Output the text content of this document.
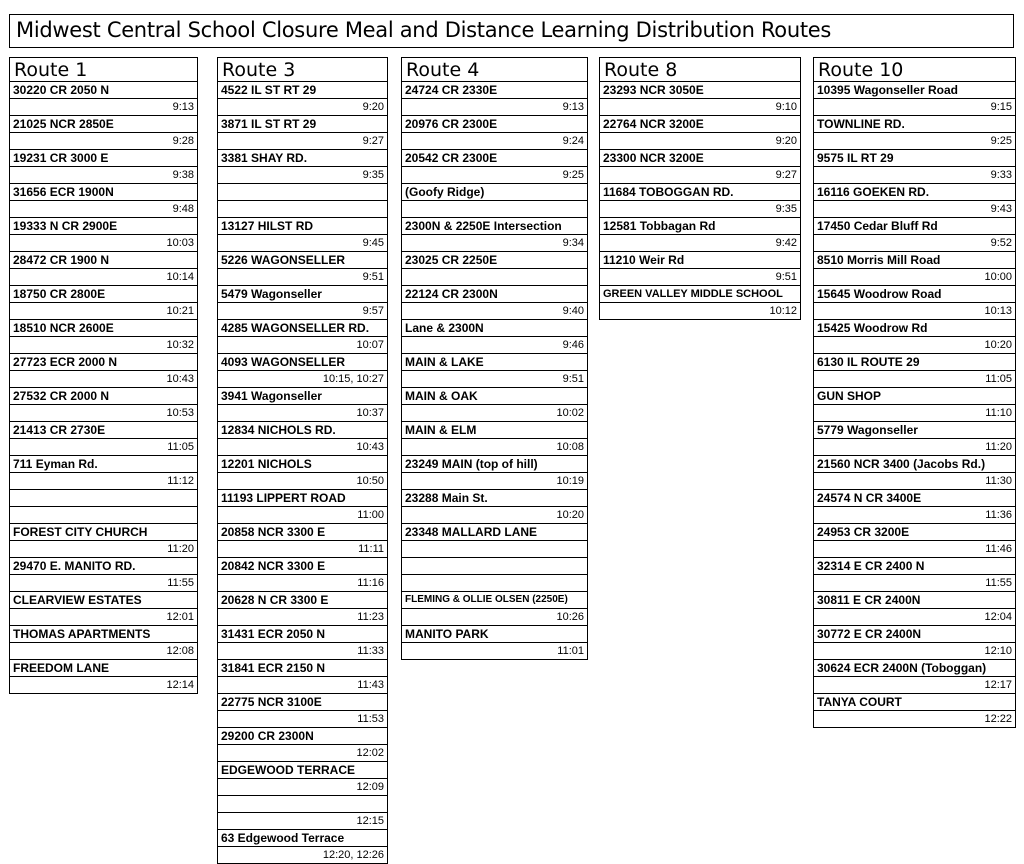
Midwest Central School Closure Meal and Distance Learning Distribution Routes
Route 1
30220 CR 2050 N
9:13
21025 NCR 2850E
9:28
19231 CR 3000 E
9:38
31656 ECR 1900N
9:48
19333 N CR 2900E
10:03
28472 CR 1900 N
10:14
18750 CR 2800E
10:21
18510 NCR 2600E
10:32
27723 ECR 2000 N
10:43
27532 CR 2000 N
10:53
21413 CR 2730E
11:05
711 Eyman Rd.
11:12
FOREST CITY CHURCH
11:20
29470 E. MANITO RD.
11:55
CLEARVIEW ESTATES
12:01
THOMAS APARTMENTS
12:08
FREEDOM LANE
12:14
Route 3
4522 IL ST RT 29
9:20
3871 IL ST RT 29
9:27
3381 SHAY RD.
9:35
13127 HILST RD
9:45
5226 WAGONSELLER
9:51
5479 Wagonseller
9:57
4285 WAGONSELLER RD.
10:07
4093 WAGONSELLER
10:15, 10:27
3941 Wagonseller
10:37
12834 NICHOLS RD.
10:43
12201 NICHOLS
10:50
11193 LIPPERT ROAD
11:00
20858 NCR 3300 E
11:11
20842 NCR 3300 E
11:16
20628 N CR 3300 E
11:23
31431 ECR 2050 N
11:33
31841 ECR 2150 N
11:43
22775 NCR 3100E
11:53
29200 CR 2300N
12:02
EDGEWOOD TERRACE
12:09
12:15
63 Edgewood Terrace
12:20, 12:26
Route 4
24724 CR 2330E
9:13
20976 CR 2300E
9:24
20542 CR 2300E
9:25
(Goofy Ridge)
2300N & 2250E Intersection
9:34
23025 CR 2250E
22124 CR 2300N
9:40
Lane & 2300N
9:46
MAIN & LAKE
9:51
MAIN & OAK
10:02
MAIN & ELM
10:08
23249 MAIN (top of hill)
10:19
23288 Main St.
10:20
23348 MALLARD LANE
FLEMING & OLLIE OLSEN (2250E)
10:26
MANITO PARK
11:01
Route 8
23293 NCR 3050E
9:10
22764 NCR 3200E
9:20
23300 NCR 3200E
9:27
11684 TOBOGGAN RD.
9:35
12581 Tobbagan Rd
9:42
11210 Weir Rd
9:51
GREEN VALLEY MIDDLE SCHOOL
10:12
Route 10
10395 Wagonseller Road
9:15
TOWNLINE RD.
9:25
9575 IL RT 29
9:33
16116 GOEKEN RD.
9:43
17450 Cedar Bluff Rd
9:52
8510 Morris Mill Road
10:00
15645 Woodrow Road
10:13
15425 Woodrow Rd
10:20
6130 IL ROUTE 29
11:05
GUN SHOP
11:10
5779 Wagonseller
11:20
21560 NCR 3400 (Jacobs Rd.)
11:30
24574 N CR 3400E
11:36
24953 CR 3200E
11:46
32314 E CR 2400 N
11:55
30811 E CR 2400N
12:04
30772 E CR 2400N
12:10
30624 ECR 2400N (Toboggan)
12:17
TANYA COURT
12:22
